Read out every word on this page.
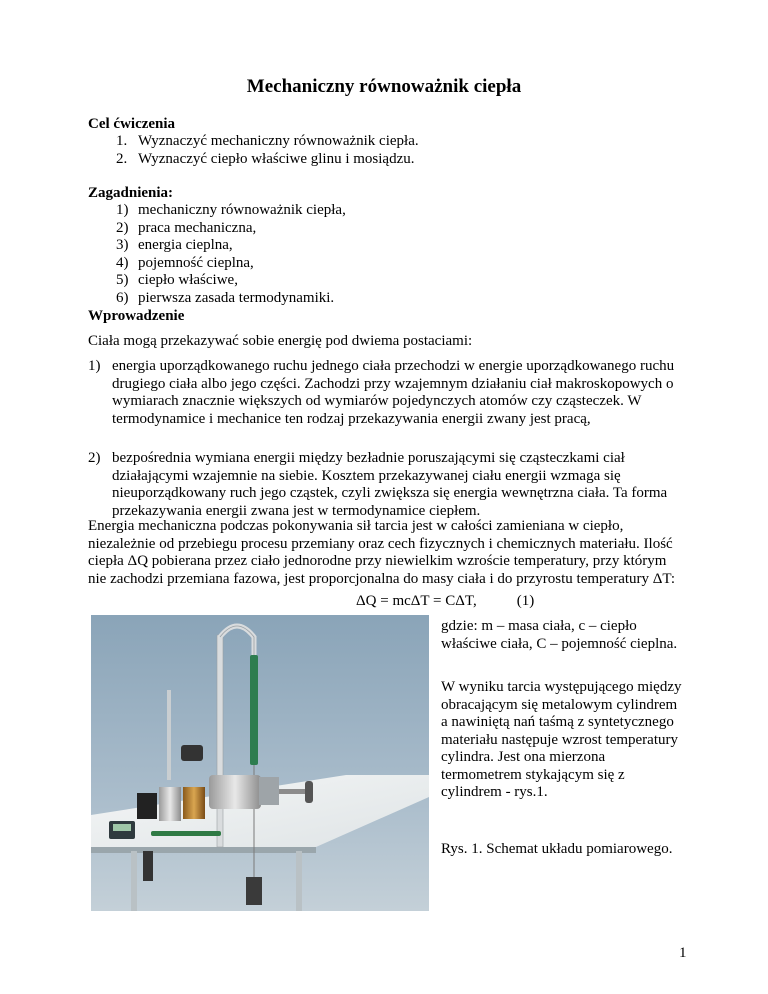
Mechaniczny równoważnik ciepła
Cel ćwiczenia
1. Wyznaczyć mechaniczny równoważnik ciepła.
2. Wyznaczyć ciepło właściwe glinu i mosiądzu.
Zagadnienia:
1) mechaniczny równoważnik ciepła,
2) praca mechaniczna,
3) energia cieplna,
4) pojemność cieplna,
5) ciepło właściwe,
6) pierwsza zasada termodynamiki.
Wprowadzenie
Ciała mogą przekazywać sobie energię pod dwiema postaciami:
1) energia uporządkowanego ruchu jednego ciała przechodzi w energie uporządkowanego ruchu drugiego ciała albo jego części. Zachodzi przy wzajemnym działaniu ciał makroskopowych o wymiarach znacznie większych od wymiarów pojedynczych atomów czy cząsteczek. W termodynamice i mechanice ten rodzaj przekazywania energii zwany jest pracą,
2) bezpośrednia wymiana energii między bezładnie poruszającymi się cząsteczkami ciał działającymi wzajemnie na siebie. Kosztem przekazywanej ciału energii wzmaga się nieuporządkowany ruch jego cząstek, czyli zwiększa się energia wewnętrzna ciała. Ta forma przekazywania energii zwana jest w termodynamice ciepłem.
Energia mechaniczna podczas pokonywania sił tarcia jest w całości zamieniana w ciepło, niezależnie od przebiegu procesu przemiany oraz cech fizycznych i chemicznych materiału. Ilość ciepła ΔQ pobierana przez ciało jednorodne przy niewielkim wzroście temperatury, przy którym nie zachodzi przemiana fazowa, jest proporcjonalna do masy ciała i do przyrostu temperatury ΔT:
ΔQ = mcΔT = CΔT,	(1)
gdzie: m – masa ciała, c – ciepło właściwe ciała, C – pojemność cieplna.
W wyniku tarcia występującego między obracającym się metalowym cylindrem a nawiniętą nań taśmą z syntetycznego materiału następuje wzrost temperatury cylindra. Jest ona mierzona termometrem stykającym się z cylindrem - rys.1.
Rys. 1. Schemat układu pomiarowego.
1
